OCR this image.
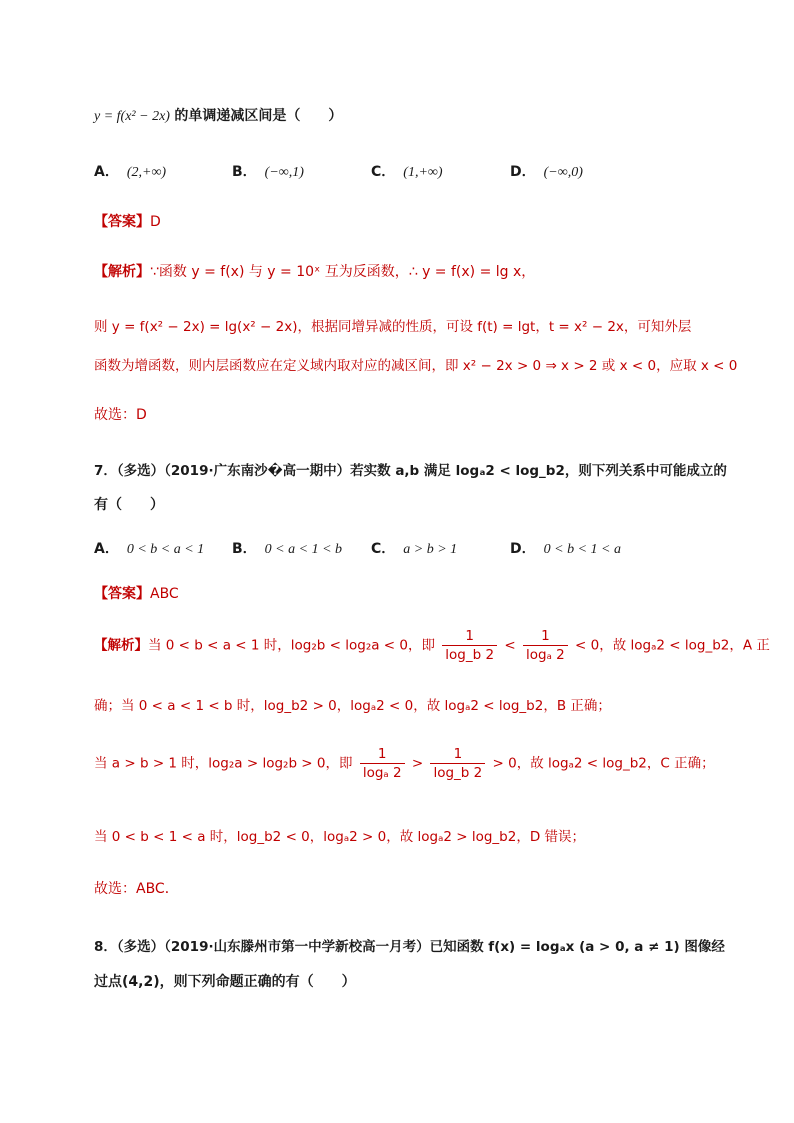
y = f(x² − 2x) 的单调递减区间是（　　）
A． (2,+∞)	B． (−∞,1)	C． (1,+∞)	D． (−∞,0)
【答案】D
【解析】∵函数 y = f(x) 与 y = 10ˣ 互为反函数，∴ y = f(x) = lg x，
则 y = f(x² − 2x) = lg(x² − 2x)，根据同增异减的性质，可设 f(t) = lgt，t = x² − 2x，可知外层
函数为增函数，则内层函数应在定义域内取对应的减区间，即 x² − 2x > 0 ⇒ x > 2 或 x < 0，应取 x < 0
故选：D
7．（多选）（2019·广东南沙�高一期中）若实数 a,b 满足 logₐ2 < log_b2，则下列关系中可能成立的
有（　　）
A． 0 < b < a < 1 B． 0 < a < 1 < b C． a > b > 1	D． 0 < b < 1 < a
【答案】ABC
【解析】当 0 < b < a < 1 时，log₂b < log₂a < 0，即 $\frac{1}{\log\_b 2} < \frac{1}{\text{logₐ 2}} < 0$，故 logₐ2 < log_b2，A 正
确；当 0 < a < 1 < b 时，log_b2 > 0，logₐ2 < 0，故 logₐ2 < log_b2，B 正确；
当 a > b > 1 时，log₂a > log₂b > 0，即 $\frac{1}{\text{logₐ 2}} > \frac{1}{\log\_b 2} > 0$，故 logₐ2 < log_b2，C 正确；
当 0 < b < 1 < a 时，log_b2 < 0，logₐ2 > 0，故 logₐ2 > log_b2，D 错误；
故选：ABC．
8．（多选）（2019·山东滕州市第一中学新校高一月考）已知函数 f(x) = logₐx (a > 0, a ≠ 1) 图像经
过点(4,2)，则下列命题正确的有（　　）
